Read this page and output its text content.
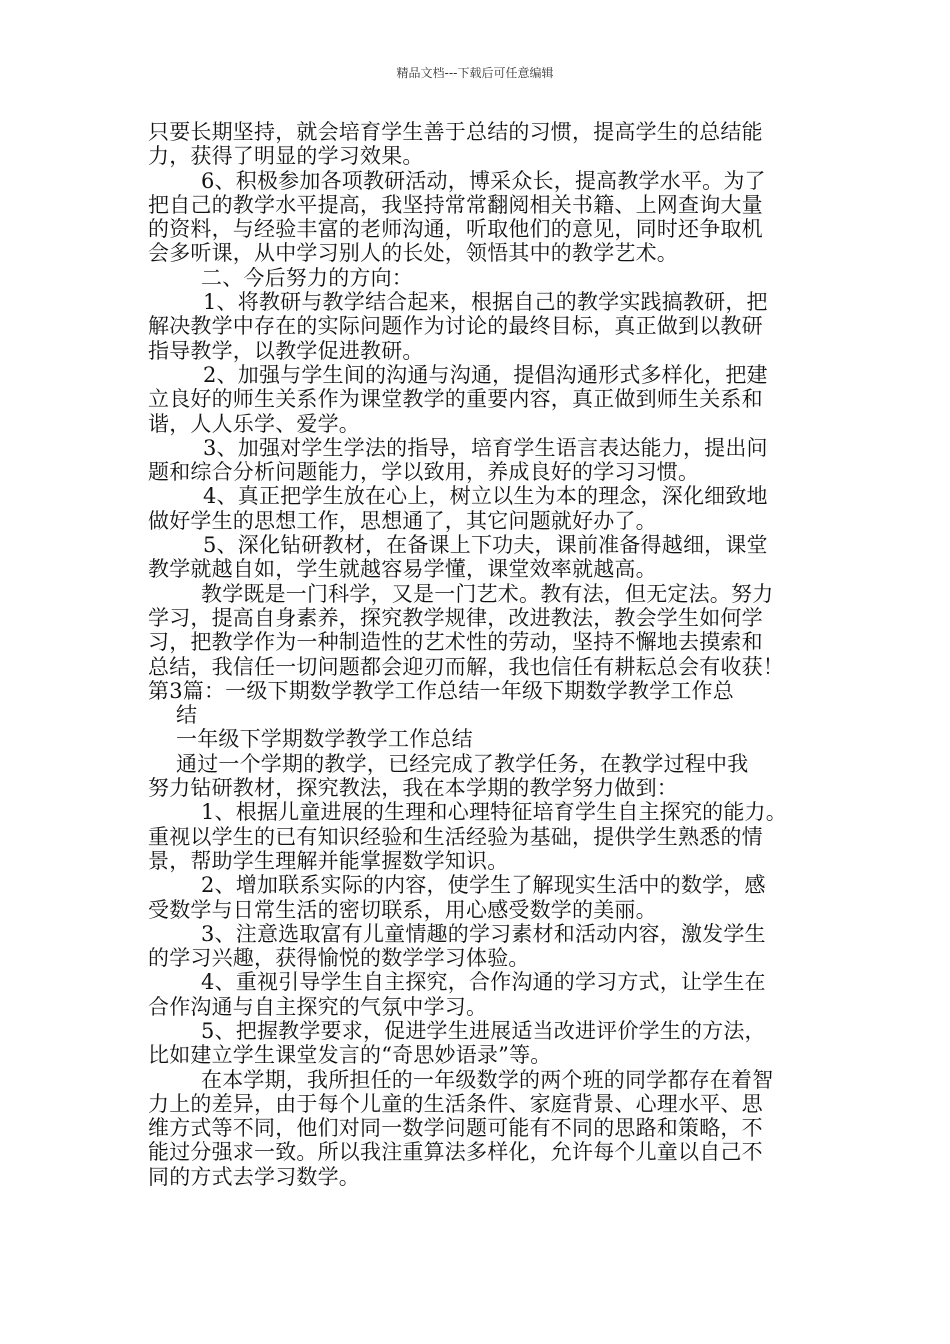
精品文档---下载后可任意编辑
只要长期坚持，就会培育学生善于总结的习惯，提高学生的总结能
力，获得了明显的学习效果。
6、积极参加各项教研活动，博采众长，提高教学水平。为了
把自己的教学水平提高，我坚持常常翻阅相关书籍、上网查询大量
的资料，与经验丰富的老师沟通，听取他们的意见，同时还争取机
会多听课，从中学习别人的长处，领悟其中的教学艺术。
二、今后努力的方向：
1、将教研与教学结合起来，根据自己的教学实践搞教研，把
解决教学中存在的实际问题作为讨论的最终目标，真正做到以教研
指导教学，以教学促进教研。
2、加强与学生间的沟通与沟通，提倡沟通形式多样化，把建
立良好的师生关系作为课堂教学的重要内容，真正做到师生关系和
谐，人人乐学、爱学。
3、加强对学生学法的指导，培育学生语言表达能力，提出问
题和综合分析问题能力，学以致用，养成良好的学习习惯。
4、真正把学生放在心上，树立以生为本的理念，深化细致地
做好学生的思想工作，思想通了，其它问题就好办了。
5、深化钻研教材，在备课上下功夫，课前准备得越细，课堂
教学就越自如，学生就越容易学懂，课堂效率就越高。
教学既是一门科学，又是一门艺术。教有法，但无定法。努力
学习，提高自身素养，探究教学规律，改进教法，教会学生如何学
习，把教学作为一种制造性的艺术性的劳动，坚持不懈地去摸索和
总结，我信任一切问题都会迎刃而解，我也信任有耕耘总会有收获！
第3篇：一级下期数学教学工作总结一年级下期数学教学工作总
结
一年级下学期数学教学工作总结
通过一个学期的教学，已经完成了教学任务，在教学过程中我
努力钻研教材，探究教法，我在本学期的教学努力做到：
1、根据儿童进展的生理和心理特征培育学生自主探究的能力。
重视以学生的已有知识经验和生活经验为基础，提供学生熟悉的情
景，帮助学生理解并能掌握数学知识。
2、增加联系实际的内容，使学生了解现实生活中的数学，感
受数学与日常生活的密切联系，用心感受数学的美丽。
3、注意选取富有儿童情趣的学习素材和活动内容，激发学生
的学习兴趣，获得愉悦的数学学习体验。
4、重视引导学生自主探究，合作沟通的学习方式，让学生在
合作沟通与自主探究的气氛中学习。
5、把握教学要求，促进学生进展适当改进评价学生的方法，
比如建立学生课堂发言的“奇思妙语录”等。
在本学期，我所担任的一年级数学的两个班的同学都存在着智
力上的差异，由于每个儿童的生活条件、家庭背景、心理水平、思
维方式等不同，他们对同一数学问题可能有不同的思路和策略，不
能过分强求一致。所以我注重算法多样化，允许每个儿童以自己不
同的方式去学习数学。
